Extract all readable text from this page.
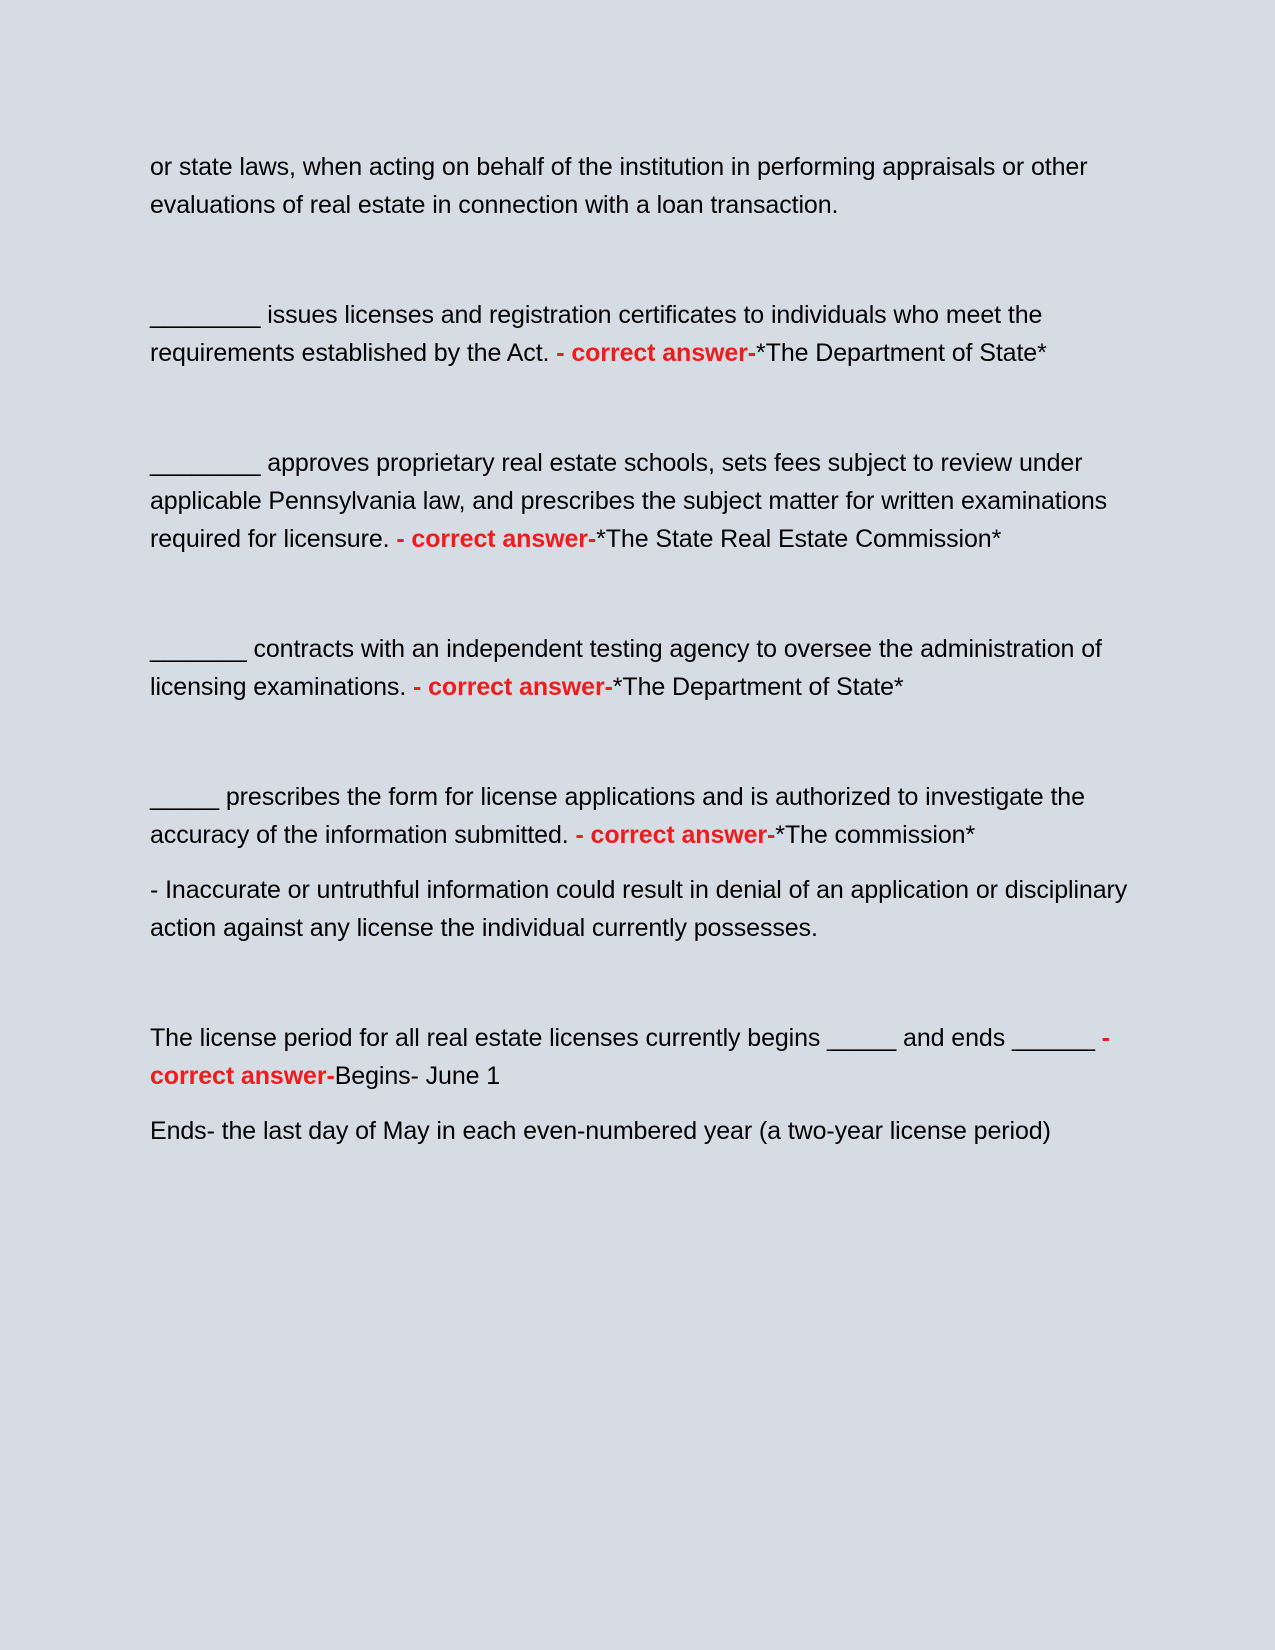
or state laws, when acting on behalf of the institution in performing appraisals or other evaluations of real estate in connection with a loan transaction.

________ issues licenses and registration certificates to individuals who meet the requirements established by the Act. - correct answer-*The Department of State*

________ approves proprietary real estate schools, sets fees subject to review under applicable Pennsylvania law, and prescribes the subject matter for written examinations required for licensure. - correct answer-*The State Real Estate Commission*

_______ contracts with an independent testing agency to oversee the administration of licensing examinations. - correct answer-*The Department of State*

_____ prescribes the form for license applications and is authorized to investigate the accuracy of the information submitted. - correct answer-*The commission*

- Inaccurate or untruthful information could result in denial of an application or disciplinary action against any license the individual currently possesses.

The license period for all real estate licenses currently begins _____ and ends ______ - correct answer-Begins- June 1

Ends- the last day of May in each even-numbered year (a two-year license period)
